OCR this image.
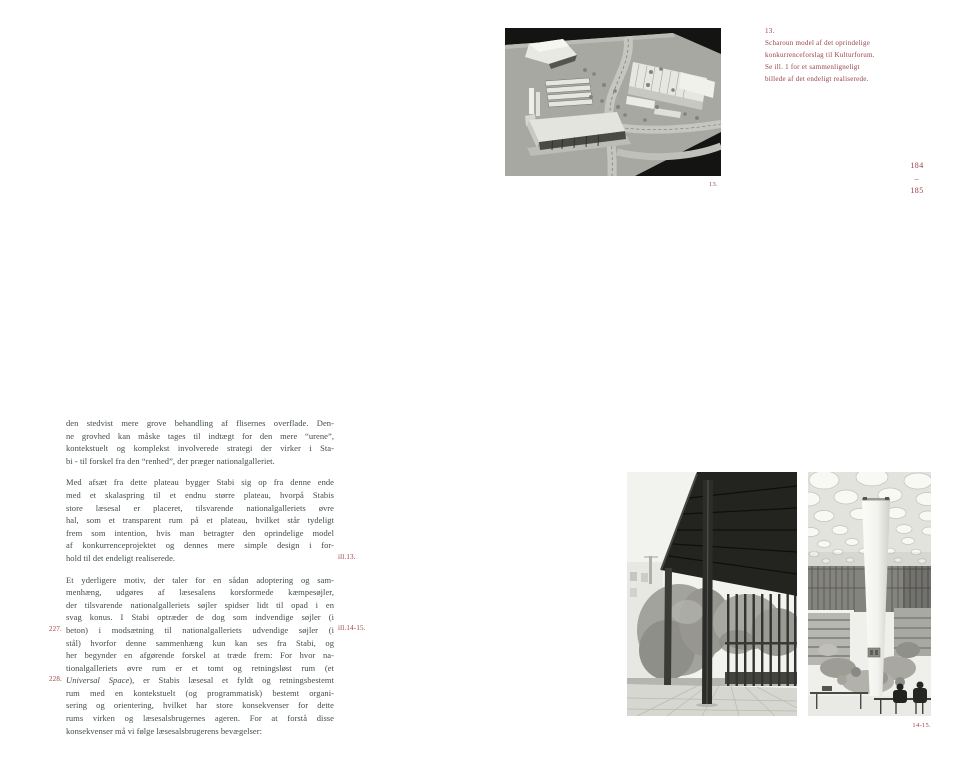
den stedvist mere grove behandling af flisernes overflade. Den-
ne grovhed kan måske tages til indtægt for den mere “urene”,
kontekstuelt og komplekst involverede strategi der virker i Sta-
bi - til forskel fra den “renhed”, der præger nationalgalleriet.
Med afsæt fra dette plateau bygger Stabi sig op fra denne ende
med et skalaspring til et endnu større plateau, hvorpå Stabis
store læsesal er placeret, tilsvarende nationalgalleriets øvre
hal, som et transparent rum på et plateau, hvilket står tydeligt
frem som intention, hvis man betragter den oprindelige model
af konkurrenceprojektet og dennes mere simple design i for-
hold til det endeligt realiserede.
Et yderligere motiv, der taler for en sådan adoptering og sam-
menhæng, udgøres af læsesalens korsformede kæmpesøjler,
der tilsvarende nationalgalleriets søjler spidser lidt til opad i en
svag konus. I Stabi optræder de dog som indvendige søjler (i
beton) i modsætning til nationalgalleriets udvendige søjler (i
stål) hvorfor denne sammenhæng kun kan ses fra Stabi, og
her begynder en afgørende forskel at træde frem: For hvor na-
tionalgalleriets øvre rum er et tomt og retningsløst rum (et
Universal Space), er Stabis læsesal et fyldt og retningsbestemt
rum med en kontekstuelt (og programmatisk) bestemt organi-
sering og orientering, hvilket har store konsekvenser for dette
rums virken og læsesalsbrugernes ageren. For at forstå disse
konsekvenser må vi følge læsesalsbrugerens bevægelser:
227.
228.
ill.13.
ill.14-15.
13.
13.
Scharoun model af det oprindelige
konkurrenceforslag til Kulturforum.
Se ill. 1 for et sammenligneligt
billede af det endeligt realiserede.
184
–
185
14-15.
